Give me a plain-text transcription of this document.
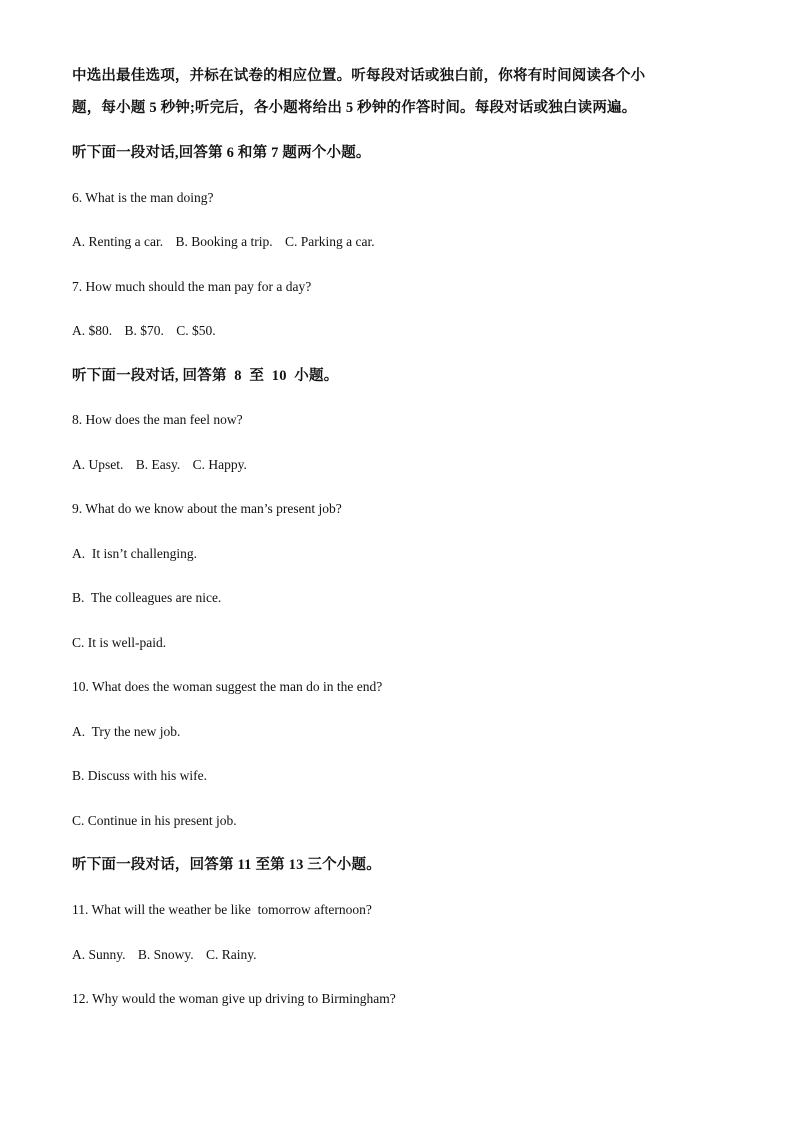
中选出最佳选项，并标在试卷的相应位置。听每段对话或独白前，你将有时间阅读各个小
题，每小题 5 秒钟;听完后，各小题将给出 5 秒钟的作答时间。每段对话或独白读两遍。
听下面一段对话,回答第 6 和第 7 题两个小题。
6. What is the man doing?
A. Renting a car. B. Booking a trip. C. Parking a car.
7. How much should the man pay for a day?
A. $80. B. $70. C. $50.
听下面一段对话, 回答第  8  至  10  小题。
8. How does the man feel now?
A. Upset. B. Easy. C. Happy.
9. What do we know about the man’s present job?
A.  It isn’t challenging.
B.  The colleagues are nice.
C. It is well-paid.
10. What does the woman suggest the man do in the end?
A.  Try the new job.
B. Discuss with his wife.
C. Continue in his present job.
听下面一段对话，回答第 11 至第 13 三个小题。
11. What will the weather be like  tomorrow afternoon?
A. Sunny. B. Snowy. C. Rainy.
12. Why would the woman give up driving to Birmingham?
